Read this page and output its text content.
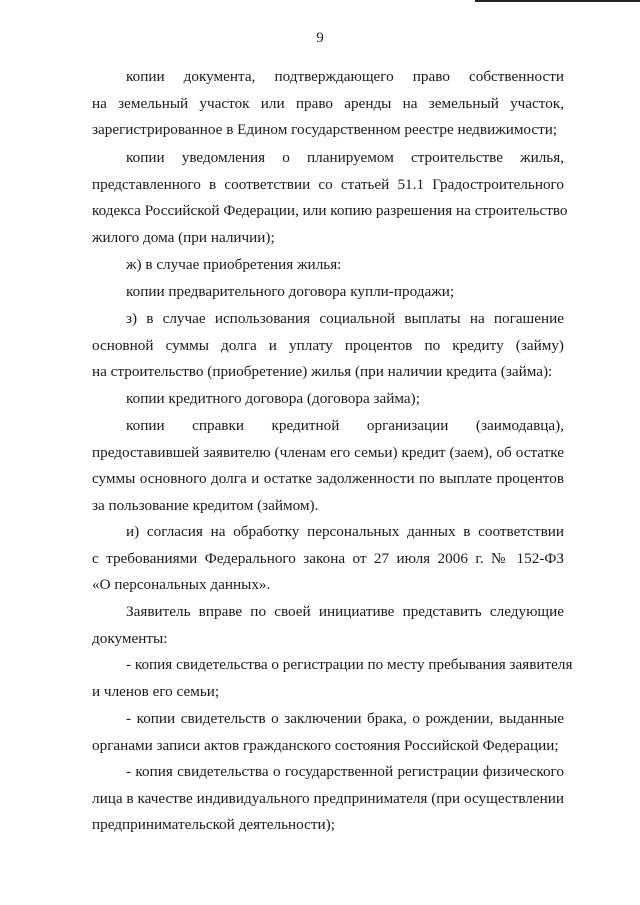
9
копии документа, подтверждающего право собственности
на земельный участок или право аренды на земельный участок,
зарегистрированное в Едином государственном реестре недвижимости;
копии уведомления о планируемом строительстве жилья,
представленного в соответствии со статьей 51.1 Градостроительного
кодекса Российской Федерации, или копию разрешения на строительство
жилого дома (при наличии);
ж) в случае приобретения жилья:
копии предварительного договора купли-продажи;
з) в случае использования социальной выплаты на погашение
основной суммы долга и уплату процентов по кредиту (займу)
на строительство (приобретение) жилья (при наличии кредита (займа):
копии кредитного договора (договора займа);
копии справки кредитной организации (заимодавца),
предоставившей заявителю (членам его семьи) кредит (заем), об остатке
суммы основного долга и остатке задолженности по выплате процентов
за пользование кредитом (займом).
и) согласия на обработку персональных данных в соответствии
с требованиями Федерального закона от 27 июля 2006 г. № 152-ФЗ
«О персональных данных».
Заявитель вправе по своей инициативе представить следующие
документы:
- копия свидетельства о регистрации по месту пребывания заявителя
и членов его семьи;
- копии свидетельств о заключении брака, о рождении, выданные
органами записи актов гражданского состояния Российской Федерации;
- копия свидетельства о государственной регистрации физического
лица в качестве индивидуального предпринимателя (при осуществлении
предпринимательской деятельности);
